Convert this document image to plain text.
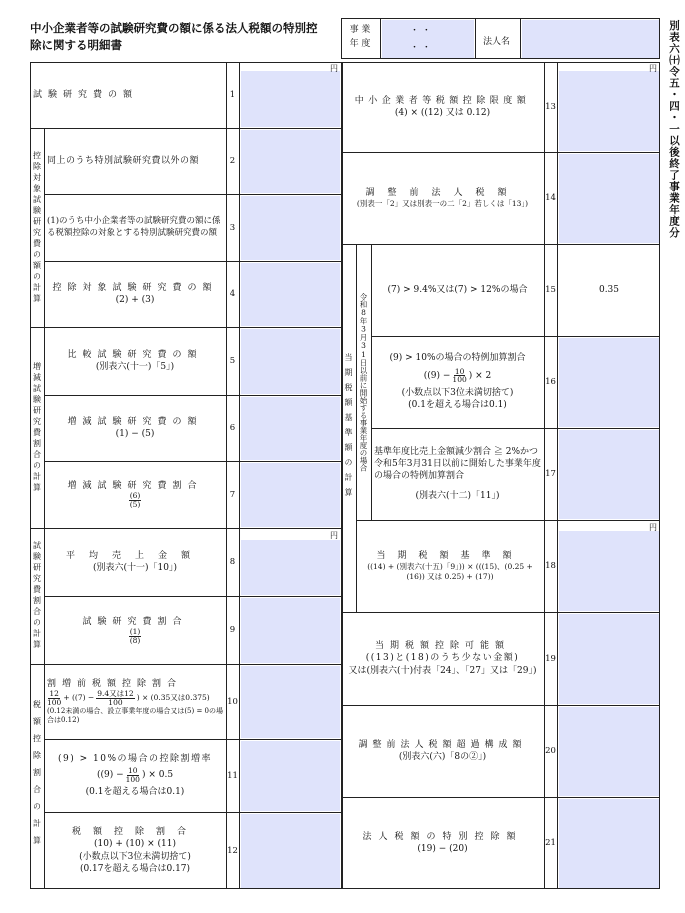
中小企業者等の試験研究費の額に係る法人税額の特別控
除に関する明細書
事 業
年 度
・ ・
・ ・
法人名	別表六㈩令五・四・一以後終了事業年度分
円
円
控除対象試験研究費の額の計算
増減試験研究費割合の計算
試験研究費割合の計算
税額控除割合の計算
試験研究費の額	1
同上のうち特別試験研究費以外の額	2
(1)のうち中小企業者等の試験研究費の額に係る税額控除の対象とする特別試験研究費の額	3
控除対象試験研究費の額
(2) + (3)
4
比較試験研究費の額
(別表六(十一)「5」)
5
増減試験研究費の額
(1) − (5)
6
増減試験研究費割合
$\frac{(6)}{(5)}$	7
平均売上金額
(別表六(十一)「10」)
8
試験研究費割合
$\frac{(1)}{(8)}$	9
割増前税額控除割合
$\frac{12}{100} + ((7) - \frac{\text{9.4又は12}}{100}$ ) × (0.35又は0.375)
(0.12未満の場合、設立事業年度の場合又は(5) = 0の場合は0.12)
10
(9) > 10%の場合の控除割増率
($(9) - \frac{10}{100}$ ) × 0.5
(0.1を超える場合は0.1)
11
税額控除割合
(10) + (10) × (11)
(小数点以下3位未満切捨て)
(0.17を超える場合は0.17)
12
円
円
当期税額基準額の計算 令和8年3月31日以前に開始する事業年度の場合
中小企業者等税額控除限度額
(4) × ((12) 又は 0.12)
13
調整前法人税額
(別表一「2」又は別表一の二「2」若しくは「13」)
14
(7) > 9.4%又は(7) > 12%の場合	15	0.35
(9) > 10%の場合の特例加算割合
($(9) - \frac{10}{100}$ ) × 2
(小数点以下3位未満切捨て)
(0.1を超える場合は0.1)
16
基準年度比売上金額減少割合 ≧ 2%かつ令和5年3月31日以前に開始した事業年度の場合の特例加算割合
(別表六(十二)「11」)
17
当期税額基準額
((14) + (別表六(十五)「9」)) × (((15)、(0.25 + (16)) 又は 0.25) + (17))
18
当期税額控除可能額
((13)と(18)のうち少ない金額)
又は(別表六(十)付表「24」、「27」又は「29」)
19
調整前法人税額超過構成額
(別表六(六)「8の②」)
20
法人税額の特別控除額
(19) − (20)
21
